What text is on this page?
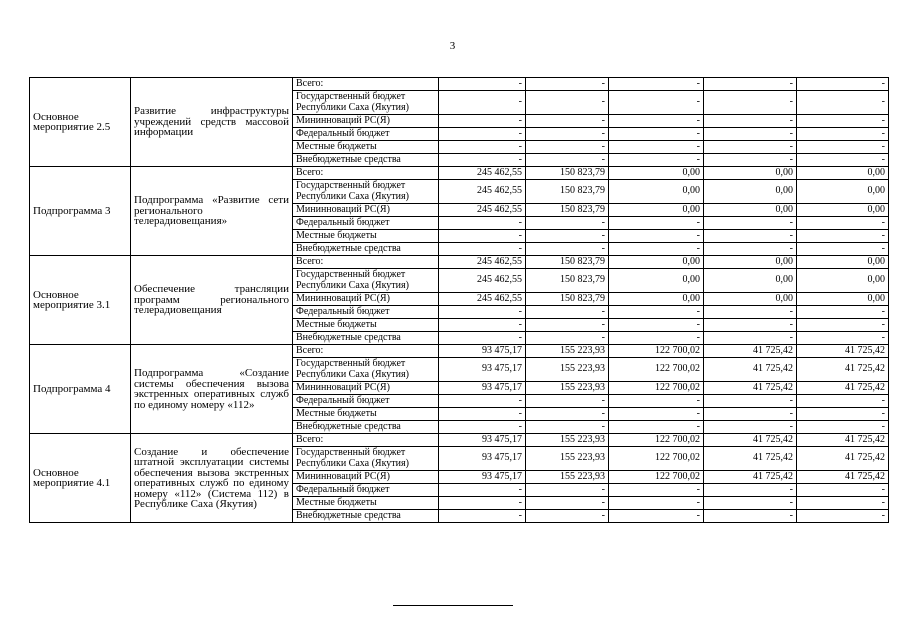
3
Основное мероприятие 2.5	Развитие инфраструктуры учреждений средств массовой информации	Всего:	-	-	-	-	-
		Государственный бюджет Республики Саха (Якутия)	-	-	-	-	-
		Мининноваций РС(Я)	-	-	-	-	-
		Федеральный бюджет	-	-	-	-	-
		Местные бюджеты	-	-	-	-	-
		Внебюджетные средства	-	-	-	-	-
Подпрограмма 3	Подпрограмма «Развитие сети регионального телерадиовещания»	Всего:	245 462,55	150 823,79	0,00	0,00	0,00
		Государственный бюджет Республики Саха (Якутия)	245 462,55	150 823,79	0,00	0,00	0,00
		Мининноваций РС(Я)	245 462,55	150 823,79	0,00	0,00	0,00
		Федеральный бюджет	-	-	-	-	-
		Местные бюджеты	-	-	-	-	-
		Внебюджетные средства	-	-	-	-	-
Основное мероприятие 3.1	Обеспечение трансляции программ регионального телерадиовещания	Всего:	245 462,55	150 823,79	0,00	0,00	0,00
		Государственный бюджет Республики Саха (Якутия)	245 462,55	150 823,79	0,00	0,00	0,00
		Мининноваций РС(Я)	245 462,55	150 823,79	0,00	0,00	0,00
		Федеральный бюджет	-	-	-	-	-
		Местные бюджеты	-	-	-	-	-
		Внебюджетные средства	-	-	-	-	-
Подпрограмма 4	Подпрограмма «Создание системы обеспечения вызова экстренных оперативных служб по единому номеру «112»	Всего:	93 475,17	155 223,93	122 700,02	41 725,42	41 725,42
		Государственный бюджет Республики Саха (Якутия)	93 475,17	155 223,93	122 700,02	41 725,42	41 725,42
		Мининноваций РС(Я)	93 475,17	155 223,93	122 700,02	41 725,42	41 725,42
		Федеральный бюджет	-	-	-	-	-
		Местные бюджеты	-	-	-	-	-
		Внебюджетные средства	-	-	-	-	-
Основное мероприятие 4.1	Создание и обеспечение штатной эксплуатации системы обеспечения вызова экстренных оперативных служб по единому номеру «112» (Система 112) в Республике Саха (Якутия)	Всего:	93 475,17	155 223,93	122 700,02	41 725,42	41 725,42
		Государственный бюджет Республики Саха (Якутия)	93 475,17	155 223,93	122 700,02	41 725,42	41 725,42
		Мининноваций РС(Я)	93 475,17	155 223,93	122 700,02	41 725,42	41 725,42
		Федеральный бюджет	-	-	-	-	-
		Местные бюджеты	-	-	-	-	-
		Внебюджетные средства	-	-	-	-	-
